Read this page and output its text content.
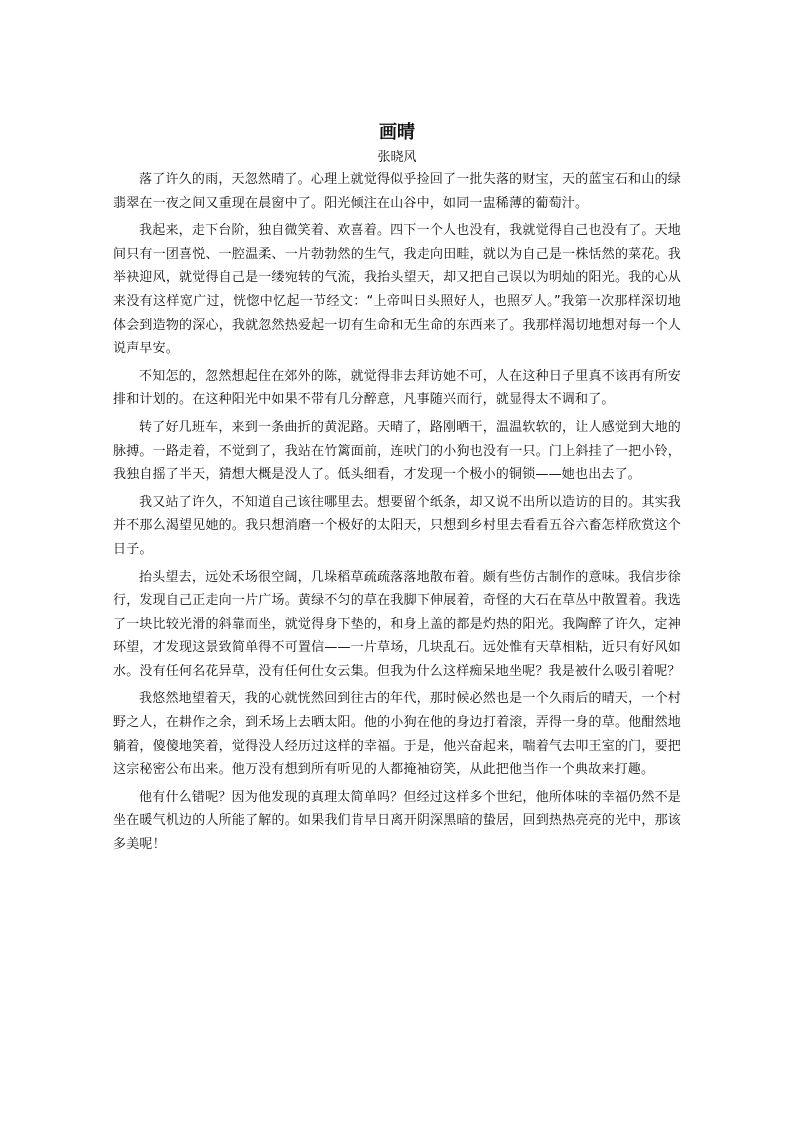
画晴
张晓风

落了许久的雨，天忽然晴了。心理上就觉得似乎捡回了一批失落的财宝，天的蓝宝石和山的绿翡翠在一夜之间又重现在晨窗中了。阳光倾注在山谷中，如同一盅稀薄的葡萄汁。

我起来，走下台阶，独自微笑着、欢喜着。四下一个人也没有，我就觉得自己也没有了。天地间只有一团喜悦、一腔温柔、一片勃勃然的生气，我走向田畦，就以为自己是一株恬然的菜花。我举袂迎风，就觉得自己是一缕宛转的气流，我抬头望天，却又把自己误以为明灿的阳光。我的心从来没有这样宽广过，恍惚中忆起一节经文：“上帝叫日头照好人，也照歹人。”我第一次那样深切地体会到造物的深心，我就忽然热爱起一切有生命和无生命的东西来了。我那样渴切地想对每一个人说声早安。

不知怎的，忽然想起住在郊外的陈，就觉得非去拜访她不可，人在这种日子里真不该再有所安排和计划的。在这种阳光中如果不带有几分醉意，凡事随兴而行，就显得太不调和了。

转了好几班车，来到一条曲折的黄泥路。天晴了，路刚晒干，温温软软的，让人感觉到大地的脉搏。一路走着，不觉到了，我站在竹篱面前，连吠门的小狗也没有一只。门上斜挂了一把小铃，我独自摇了半天，猜想大概是没人了。低头细看，才发现一个极小的铜锁——她也出去了。

我又站了许久，不知道自己该往哪里去。想要留个纸条，却又说不出所以造访的目的。其实我并不那么渴望见她的。我只想消磨一个极好的太阳天，只想到乡村里去看看五谷六畜怎样欣赏这个日子。

抬头望去，远处禾场很空阔，几垛稻草疏疏落落地散布着。颇有些仿古制作的意味。我信步徐行，发现自己正走向一片广场。黄绿不匀的草在我脚下伸展着，奇怪的大石在草丛中散置着。我选了一块比较光滑的斜靠而坐，就觉得身下垫的，和身上盖的都是灼热的阳光。我陶醉了许久，定神环望，才发现这景致简单得不可置信——一片草场，几块乱石。远处惟有天草相粘，近只有好风如水。没有任何名花异草，没有任何仕女云集。但我为什么这样痴呆地坐呢？我是被什么吸引着呢？

我悠然地望着天，我的心就恍然回到往古的年代，那时候必然也是一个久雨后的晴天，一个村野之人，在耕作之余，到禾场上去晒太阳。他的小狗在他的身边打着滚，弄得一身的草。他酣然地躺着，傻傻地笑着，觉得没人经历过这样的幸福。于是，他兴奋起来，喘着气去叩王室的门，要把这宗秘密公布出来。他万没有想到所有听见的人都掩袖窃笑，从此把他当作一个典故来打趣。

他有什么错呢？因为他发现的真理太简单吗？但经过这样多个世纪，他所体味的幸福仍然不是坐在暖气机边的人所能了解的。如果我们肯早日离开阴深黑暗的蛰居，回到热热亮亮的光中，那该多美呢！
